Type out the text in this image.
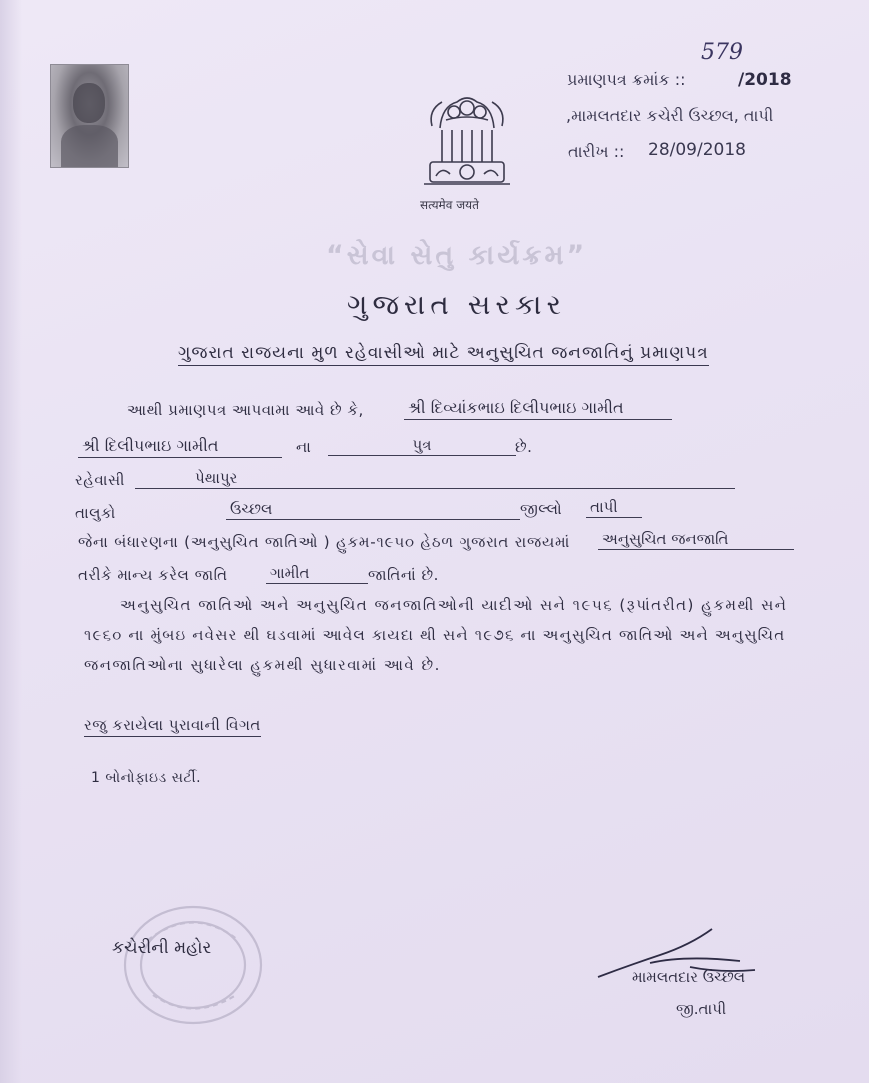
પ્રમાણપત્ર ક્રમાંક ::
579
/2018
,મામલતદાર કચેરી ઉચ્છલ, તાપી
તારીખ :: 28/09/2018
सत्यमेव जयते
“સેવા સેતુ કાર્યક્રમ”
ગુજરાત સરકાર
ગુજરાત રાજયના મુળ રહેવાસીઓ માટે અનુસુચિત જનજાતિનું પ્રમાણપત્ર
આથી પ્રમાણપત્ર આપવામા આવે છે કે,	શ્રી દિવ્યાંકભાઇ દિલીપભાઇ ગામીત
શ્રી દિલીપભાઇ ગામીત	ના	પુત્ર	છે.
રહેવાસી	પેથાપુર
તાલુકો	ઉચ્છલ	જીલ્લો તાપી
જેના બંધારણના (અનુસુચિત જાતિઓ ) હુકમ-૧૯૫૦ હેઠળ ગુજરાત રાજયમાં અનુસુચિત જનજાતિ
તરીકે માન્ય કરેલ જાતિ	ગામીત	જાતિનાં છે.
અનુસુચિત જાતિઓ અને અનુસુચિત જનજાતિઓની યાદીઓ સને ૧૯૫૬ (રૂપાંતરીત) હુકમથી સને
૧૯૬૦ ના મુંબઇ નવેસર થી ઘડવામાં આવેલ કાયદા થી સને ૧૯૭૬ ના અનુસુચિત જાતિઓ અને અનુસુચિત
જનજાતિઓના સુધારેલા હુકમથી સુધારવામાં આવે છે.
રજુ કરાયેલા પુરાવાની વિગત
1 બોનોફાઇડ સર્ટી.
કચેરીની મહોર
મામલતદાર ઉચ્છલ
જી.તાપી
